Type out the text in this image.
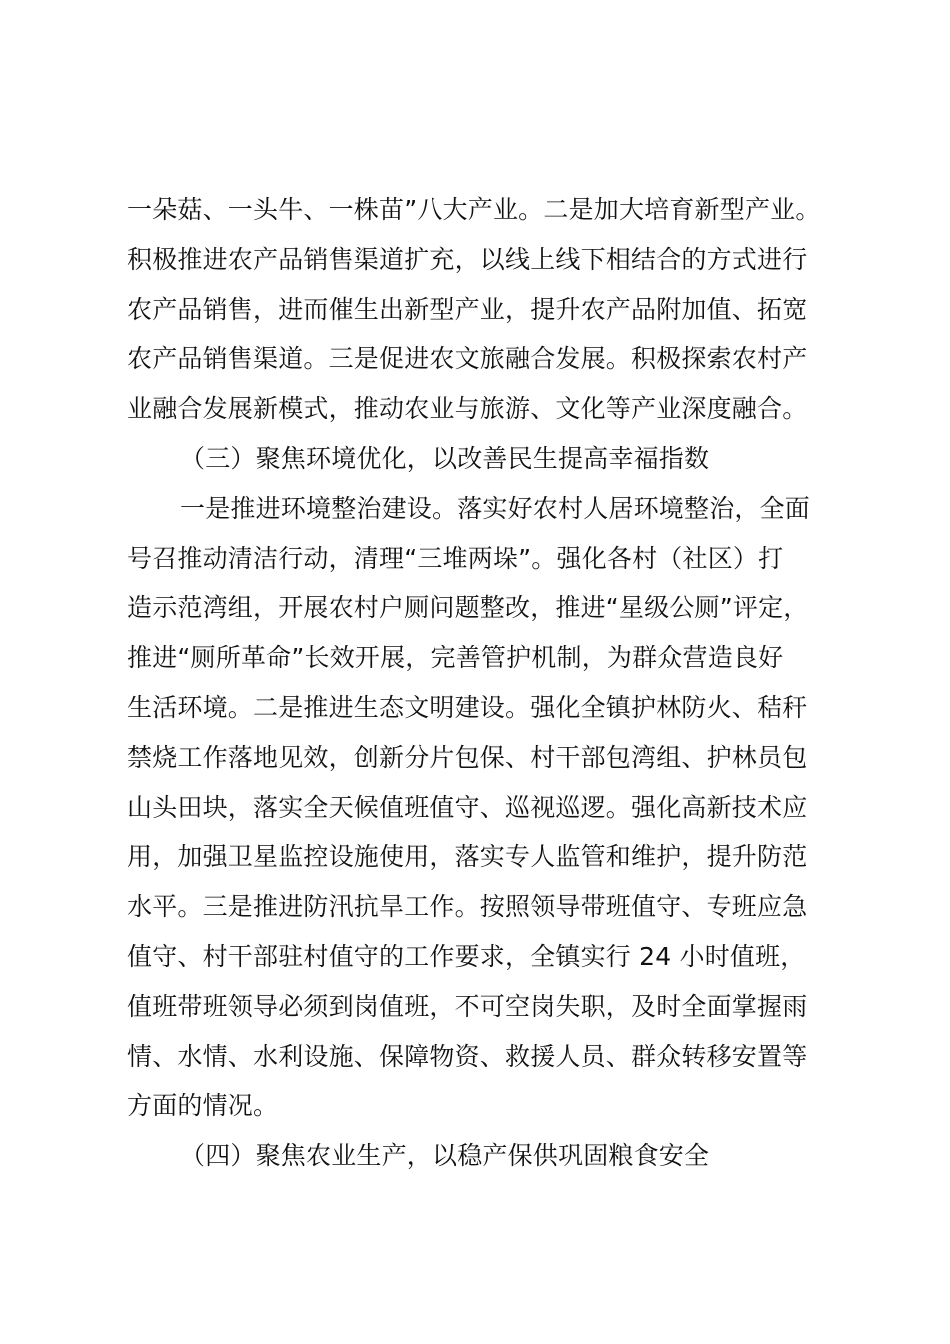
一朵菇、一头牛、一株苗”八大产业。二是加大培育新型产业。
积极推进农产品销售渠道扩充，以线上线下相结合的方式进行
农产品销售，进而催生出新型产业，提升农产品附加值、拓宽
农产品销售渠道。三是促进农文旅融合发展。积极探索农村产
业融合发展新模式，推动农业与旅游、文化等产业深度融合。
（三）聚焦环境优化，以改善民生提高幸福指数
一是推进环境整治建设。落实好农村人居环境整治，全面
号召推动清洁行动，清理“三堆两垛”。强化各村（社区）打
造示范湾组，开展农村户厕问题整改，推进“星级公厕”评定，
推进“厕所革命”长效开展，完善管护机制，为群众营造良好
生活环境。二是推进生态文明建设。强化全镇护林防火、秸秆
禁烧工作落地见效，创新分片包保、村干部包湾组、护林员包
山头田块，落实全天候值班值守、巡视巡逻。强化高新技术应
用，加强卫星监控设施使用，落实专人监管和维护，提升防范
水平。三是推进防汛抗旱工作。按照领导带班值守、专班应急
值守、村干部驻村值守的工作要求，全镇实行 24 小时值班，
值班带班领导必须到岗值班，不可空岗失职，及时全面掌握雨
情、水情、水利设施、保障物资、救援人员、群众转移安置等
方面的情况。
（四）聚焦农业生产，以稳产保供巩固粮食安全
